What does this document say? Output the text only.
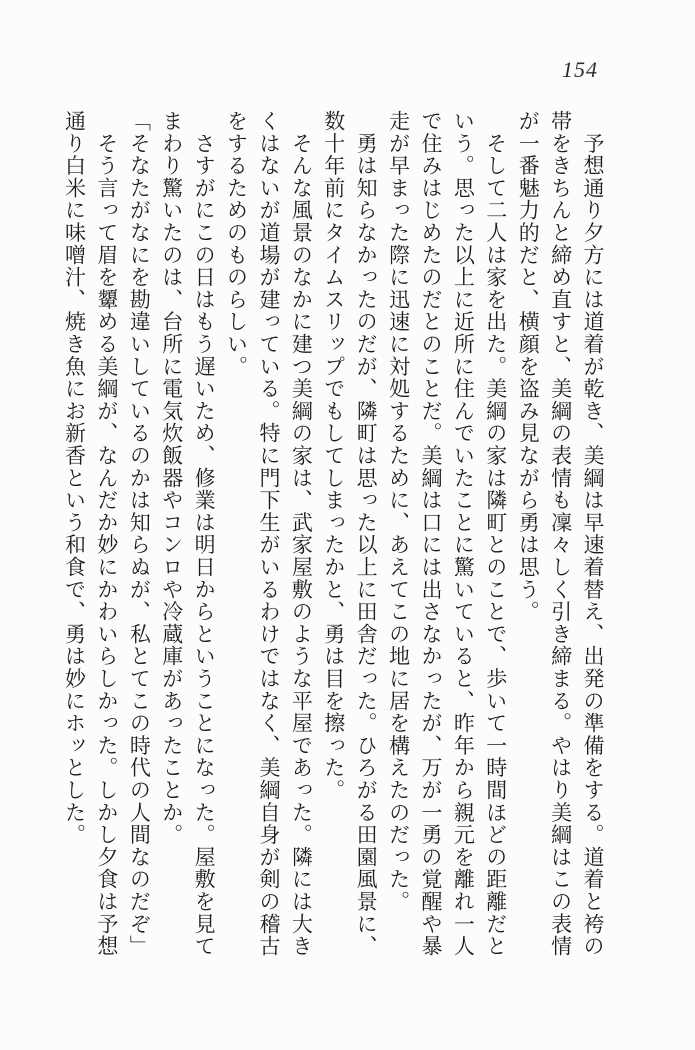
154

　予想通り夕方には道着が乾き、美綱は早速着替え、出発の準備をする。道着と袴の

帯をきちんと締め直すと、美綱の表情も凜々しく引き締まる。やはり美綱はこの表情

が一番魅力的だと、横顔を盗み見ながら勇は思う。

　そして二人は家を出た。美綱の家は隣町とのことで、歩いて一時間ほどの距離だと

いう。思った以上に近所に住んでいたことに驚いていると、昨年から親元を離れ一人

で住みはじめたのだとのことだ。美綱は口には出さなかったが、万が一勇の覚醒や暴

走が早まった際に迅速に対処するために、あえてこの地に居を構えたのだった。

　勇は知らなかったのだが、隣町は思った以上に田舎だった。ひろがる田園風景に、

数十年前にタイムスリップでもしてしまったかと、勇は目を擦った。

　そんな風景のなかに建つ美綱の家は、武家屋敷のような平屋であった。隣には大き

くはないが道場が建っている。特に門下生がいるわけではなく、美綱自身が剣の稽古

をするためのものらしい。

　さすがにこの日はもう遅いため、修業は明日からということになった。屋敷を見て

まわり驚いたのは、台所に電気炊飯器やコンロや冷蔵庫があったことか。

「そなたがなにを勘違いしているのかは知らぬが、私とてこの時代の人間なのだぞ」

　そう言って眉を顰める美綱が、なんだか妙にかわいらしかった。しかし夕食は予想

通り白米に味噌汁、焼き魚にお新香という和食で、勇は妙にホッとした。
